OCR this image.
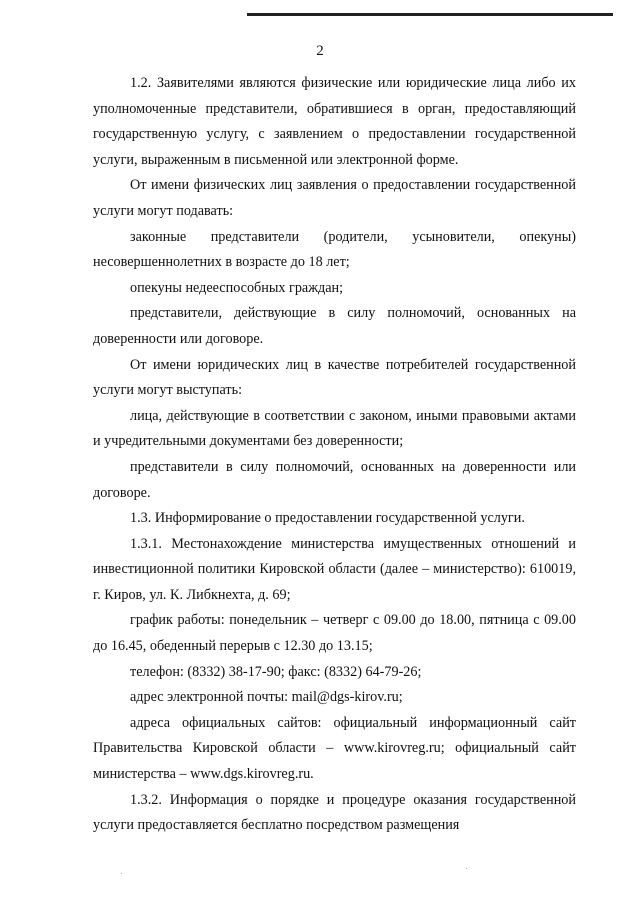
2

1.2. Заявителями являются физические или юридические лица либо их уполномоченные представители, обратившиеся в орган, предоставляющий государственную услугу, с заявлением о предоставлении государственной услуги, выраженным в письменной или электронной форме.

От имени физических лиц заявления о предоставлении государственной услуги могут подавать:

законные представители (родители, усыновители, опекуны) несовершеннолетних в возрасте до 18 лет;

опекуны недееспособных граждан;

представители, действующие в силу полномочий, основанных на доверенности или договоре.

От имени юридических лиц в качестве потребителей государственной услуги могут выступать:

лица, действующие в соответствии с законом, иными правовыми актами и учредительными документами без доверенности;

представители в силу полномочий, основанных на доверенности или договоре.

1.3. Информирование о предоставлении государственной услуги.

1.3.1. Местонахождение министерства имущественных отношений и инвестиционной политики Кировской области (далее – министерство): 610019, г. Киров, ул. К. Либкнехта, д. 69;

график работы: понедельник – четверг с 09.00 до 18.00, пятница с 09.00 до 16.45, обеденный перерыв с 12.30 до 13.15;

телефон: (8332) 38-17-90; факс: (8332) 64-79-26;

адрес электронной почты: mail@dgs-kirov.ru;

адреса официальных сайтов: официальный информационный сайт Правительства Кировской области – www.kirovreg.ru; официальный сайт министерства – www.dgs.kirovreg.ru.

1.3.2. Информация о порядке и процедуре оказания государственной услуги предоставляется бесплатно посредством размещения
